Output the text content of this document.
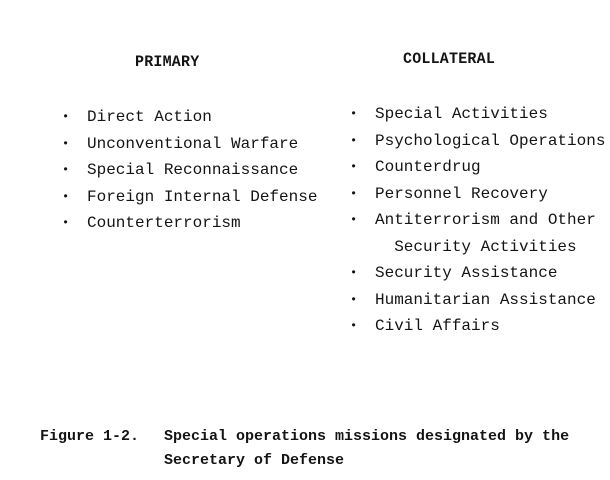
PRIMARY	COLLATERAL
• Direct Action
• Unconventional Warfare
• Special Reconnaissance
• Foreign Internal Defense
• Counterterrorism
• Special Activities
• Psychological Operations
• Counterdrug
• Personnel Recovery
• Antiterrorism and Other
Security Activities
• Security Assistance
• Humanitarian Assistance
• Civil Affairs
Figure 1-2. Special operations missions designated by the
Secretary of Defense
